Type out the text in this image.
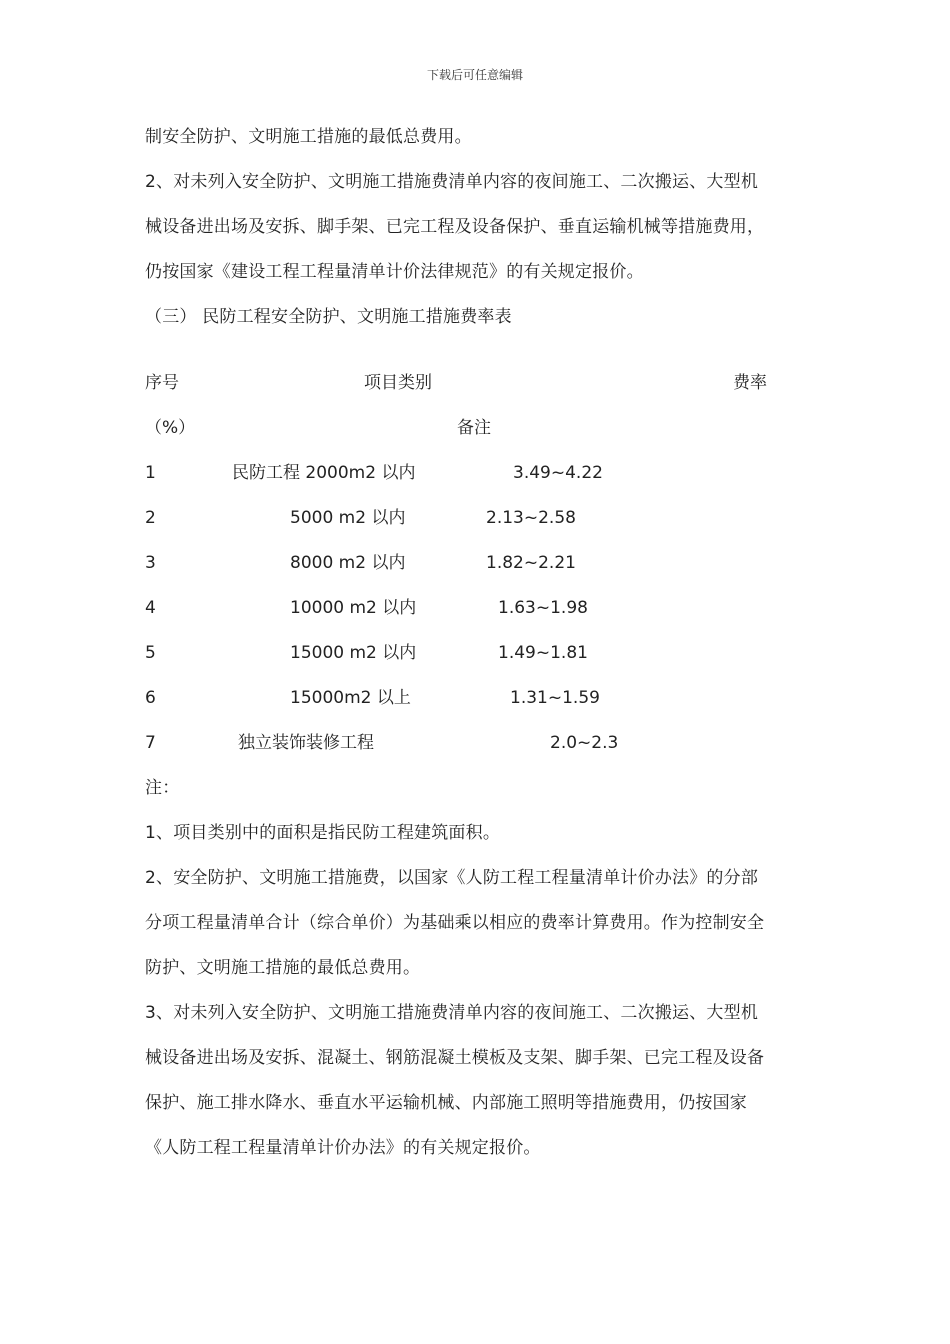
下载后可任意编辑
制安全防护、文明施工措施的最低总费用。
2、对未列入安全防护、文明施工措施费清单内容的夜间施工、二次搬运、大型机
械设备进出场及安拆、脚手架、已完工程及设备保护、垂直运输机械等措施费用，
仍按国家《建设工程工程量清单计价法律规范》的有关规定报价。
（三） 民防工程安全防护、文明施工措施费率表
序号	项目类别	费率
（%）	备注
1	民防工程 2000m2 以内	3.49~4.22
2	5000 m2 以内	2.13~2.58
3	8000 m2 以内	1.82~2.21
4	10000 m2 以内	1.63~1.98
5	15000 m2 以内	1.49~1.81
6	15000m2 以上	1.31~1.59
7	独立装饰装修工程	2.0~2.3
注：
1、项目类别中的面积是指民防工程建筑面积。
2、安全防护、文明施工措施费，以国家《人防工程工程量清单计价办法》的分部
分项工程量清单合计（综合单价）为基础乘以相应的费率计算费用。作为控制安全
防护、文明施工措施的最低总费用。
3、对未列入安全防护、文明施工措施费清单内容的夜间施工、二次搬运、大型机
械设备进出场及安拆、混凝土、钢筋混凝土模板及支架、脚手架、已完工程及设备
保护、施工排水降水、垂直水平运输机械、内部施工照明等措施费用，仍按国家
《人防工程工程量清单计价办法》的有关规定报价。
